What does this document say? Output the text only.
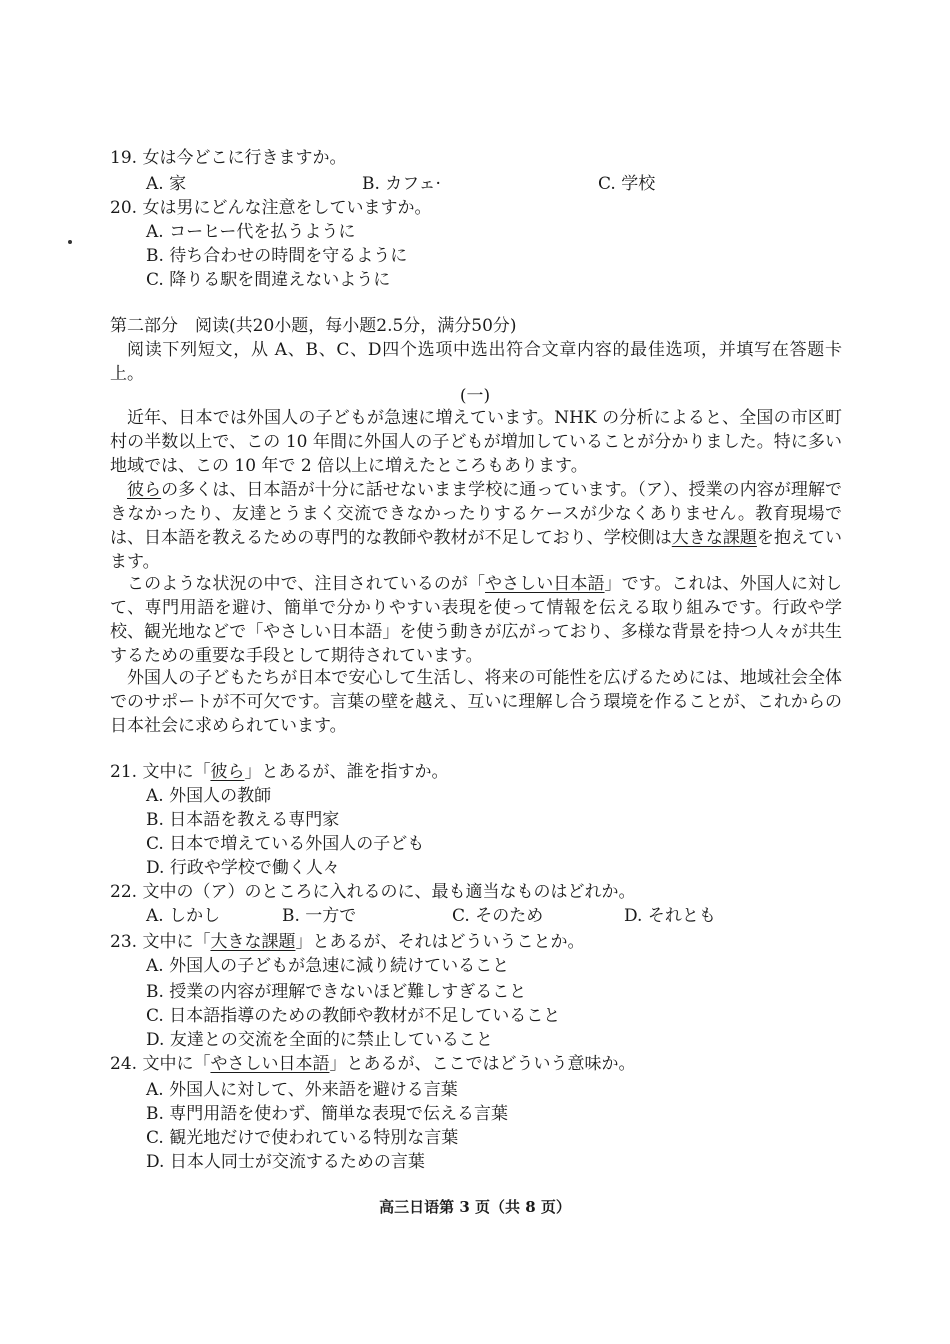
19. 女は今どこに行きますか。
A. 家	B. カフェ·	C. 学校
20. 女は男にどんな注意をしていますか。
A. コーヒー代を払うように
B. 待ち合わせの時間を守るように
C. 降りる駅を間違えないように
第二部分　阅读(共20小题，每小题2.5分，满分50分)
阅读下列短文，从 A、B、C、D四个选项中选出符合文章内容的最佳选项，并填写在答题卡上。
(一)
近年、日本では外国人の子どもが急速に増えています。NHK の分析によると、全国の市区町村の半数以上で、この 10 年間に外国人の子どもが増加していることが分かりました。特に多い地域では、この 10 年で 2 倍以上に増えたところもあります。
彼らの多くは、日本語が十分に話せないまま学校に通っています。（ア）、授業の内容が理解できなかったり、友達とうまく交流できなかったりするケースが少なくありません。教育現場では、日本語を教えるための専門的な教師や教材が不足しており、学校側は大きな課題を抱えています。
このような状況の中で、注目されているのが「やさしい日本語」です。これは、外国人に対して、専門用語を避け、簡単で分かりやすい表現を使って情報を伝える取り組みです。行政や学校、観光地などで「やさしい日本語」を使う動きが広がっており、多様な背景を持つ人々が共生するための重要な手段として期待されています。
外国人の子どもたちが日本で安心して生活し、将来の可能性を広げるためには、地域社会全体でのサポートが不可欠です。言葉の壁を越え、互いに理解し合う環境を作ることが、これからの日本社会に求められています。
21. 文中に「彼ら」とあるが、誰を指すか。
A. 外国人の教師
B. 日本語を教える専門家
C. 日本で増えている外国人の子ども
D. 行政や学校で働く人々
22. 文中の（ア）のところに入れるのに、最も適当なものはどれか。
A. しかし	B. 一方で	C. そのため	D. それとも
23. 文中に「大きな課題」とあるが、それはどういうことか。
A. 外国人の子どもが急速に減り続けていること
B. 授業の内容が理解できないほど難しすぎること
C. 日本語指導のための教師や教材が不足していること
D. 友達との交流を全面的に禁止していること
24. 文中に「やさしい日本語」とあるが、ここではどういう意味か。
A. 外国人に対して、外来語を避ける言葉
B. 専門用語を使わず、簡単な表現で伝える言葉
C. 観光地だけで使われている特別な言葉
D. 日本人同士が交流するための言葉
高三日语第 3 页（共 8 页）
